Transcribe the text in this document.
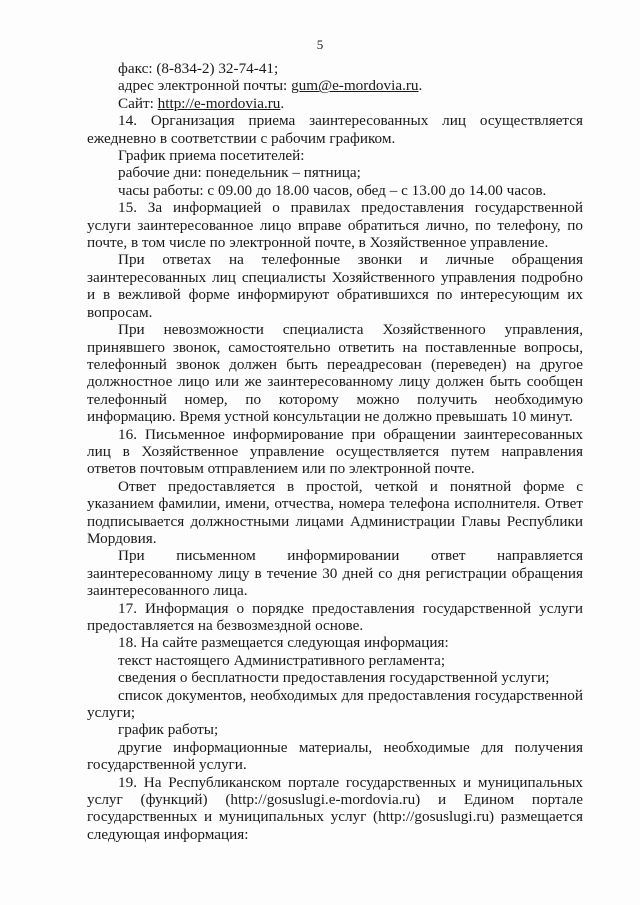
5

факс: (8-834-2) 32-74-41;

адрес электронной почты: gum@e-mordovia.ru.

Сайт: http://e-mordovia.ru.

14. Организация приема заинтересованных лиц осуществляется ежедневно в соответствии с рабочим графиком.

График приема посетителей:

рабочие дни: понедельник – пятница;

часы работы: с 09.00 до 18.00 часов, обед – с 13.00 до 14.00 часов.

15. За информацией о правилах предоставления государственной услуги заинтересованное лицо вправе обратиться лично, по телефону, по почте, в том числе по электронной почте, в Хозяйственное управление.

При ответах на телефонные звонки и личные обращения заинтересованных лиц специалисты Хозяйственного управления подробно и в вежливой форме информируют обратившихся по интересующим их вопросам.

При невозможности специалиста Хозяйственного управления, принявшего звонок, самостоятельно ответить на поставленные вопросы, телефонный звонок должен быть переадресован (переведен) на другое должностное лицо или же заинтересованному лицу должен быть сообщен телефонный номер, по которому можно получить необходимую информацию. Время устной консультации не должно превышать 10 минут.

16. Письменное информирование при обращении заинтересованных лиц в Хозяйственное управление осуществляется путем направления ответов почтовым отправлением или по электронной почте.

Ответ предоставляется в простой, четкой и понятной форме с указанием фамилии, имени, отчества, номера телефона исполнителя. Ответ подписывается должностными лицами Администрации Главы Республики Мордовия.

При письменном информировании ответ направляется заинтересованному лицу в течение 30 дней со дня регистрации обращения заинтересованного лица.

17. Информация о порядке предоставления государственной услуги предоставляется на безвозмездной основе.

18. На сайте размещается следующая информация:

текст настоящего Административного регламента;

сведения о бесплатности предоставления государственной услуги;

список документов, необходимых для предоставления государственной услуги;

график работы;

другие информационные материалы, необходимые для получения государственной услуги.

19. На Республиканском портале государственных и муниципальных услуг (функций) (http://gosuslugi.e-mordovia.ru) и Едином портале государственных и муниципальных услуг (http://gosuslugi.ru) размещается следующая информация:
